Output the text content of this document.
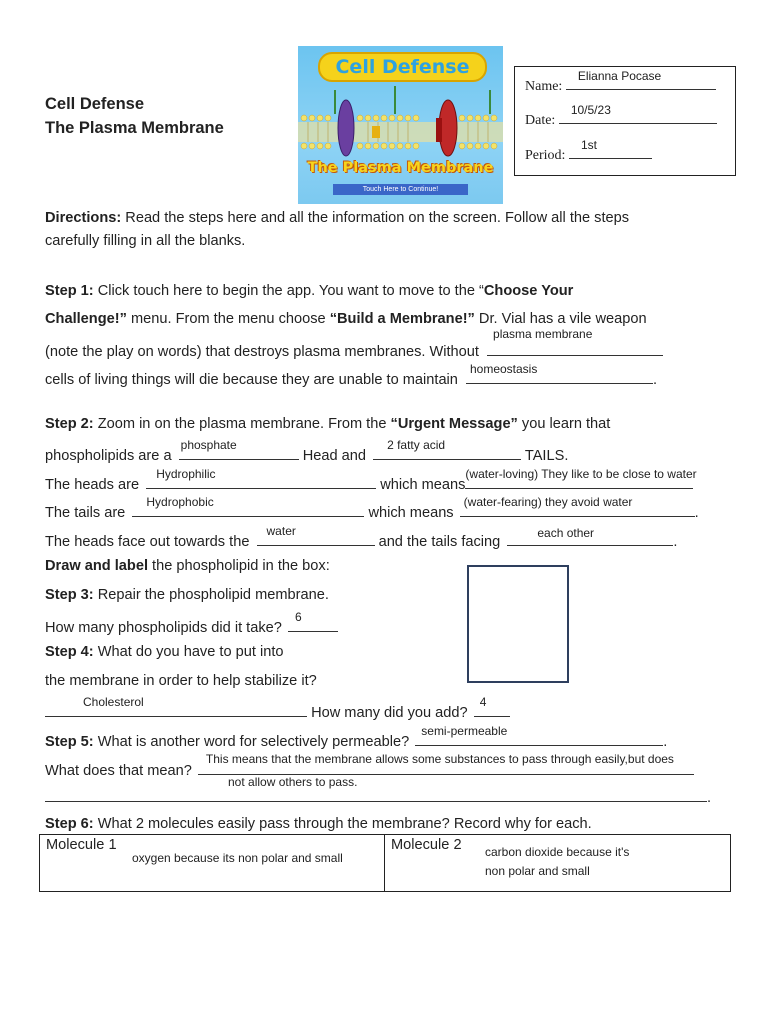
Cell Defense
The Plasma Membrane
Touch Here to Continue!
Cell Defense
The Plasma Membrane
Name:
Elianna Pocase
Date:
10/5/23
Period:
1st
Directions: Read the steps here and all the information on the screen. Follow all the steps
carefully filling in all the blanks.
Step 1: Click touch here to begin the app. You want to move to the “Choose Your
Challenge!” menu. From the menu choose “Build a Membrane!” Dr. Vial has a vile weapon
(note the play on words) that destroys plasma membranes. Without
plasma membrane
cells of living things will die because they are unable to maintain
homeostasis
.
Step 2: Zoom in on the plasma membrane. From the “Urgent Message” you learn that
phospholipids are a
phosphate
Head and
2 fatty acid
TAILS.
The heads are
Hydrophilic
which means
(water-loving) They like to be close to water
The tails are
Hydrophobic
which means
(water-fearing) they avoid water
.
The heads face out towards the
water
and the tails facing
each other
.
Draw and label the phospholipid in the box:
Step 3: Repair the phospholipid membrane.
How many phospholipids did it take?
6
Step 4: What do you have to put into
the membrane in order to help stabilize it?
Cholesterol
How many did you add?
4
Step 5: What is another word for selectively permeable?
semi-permeable
.
What does that mean?
This means that the membrane allows some substances to pass through easily,but does
not allow others to pass.
.
Step 6: What 2 molecules easily pass through the membrane? Record why for each.
Molecule 1
oxygen because its non polar and small
Molecule 2 carbon dioxide because it's
non polar and small
